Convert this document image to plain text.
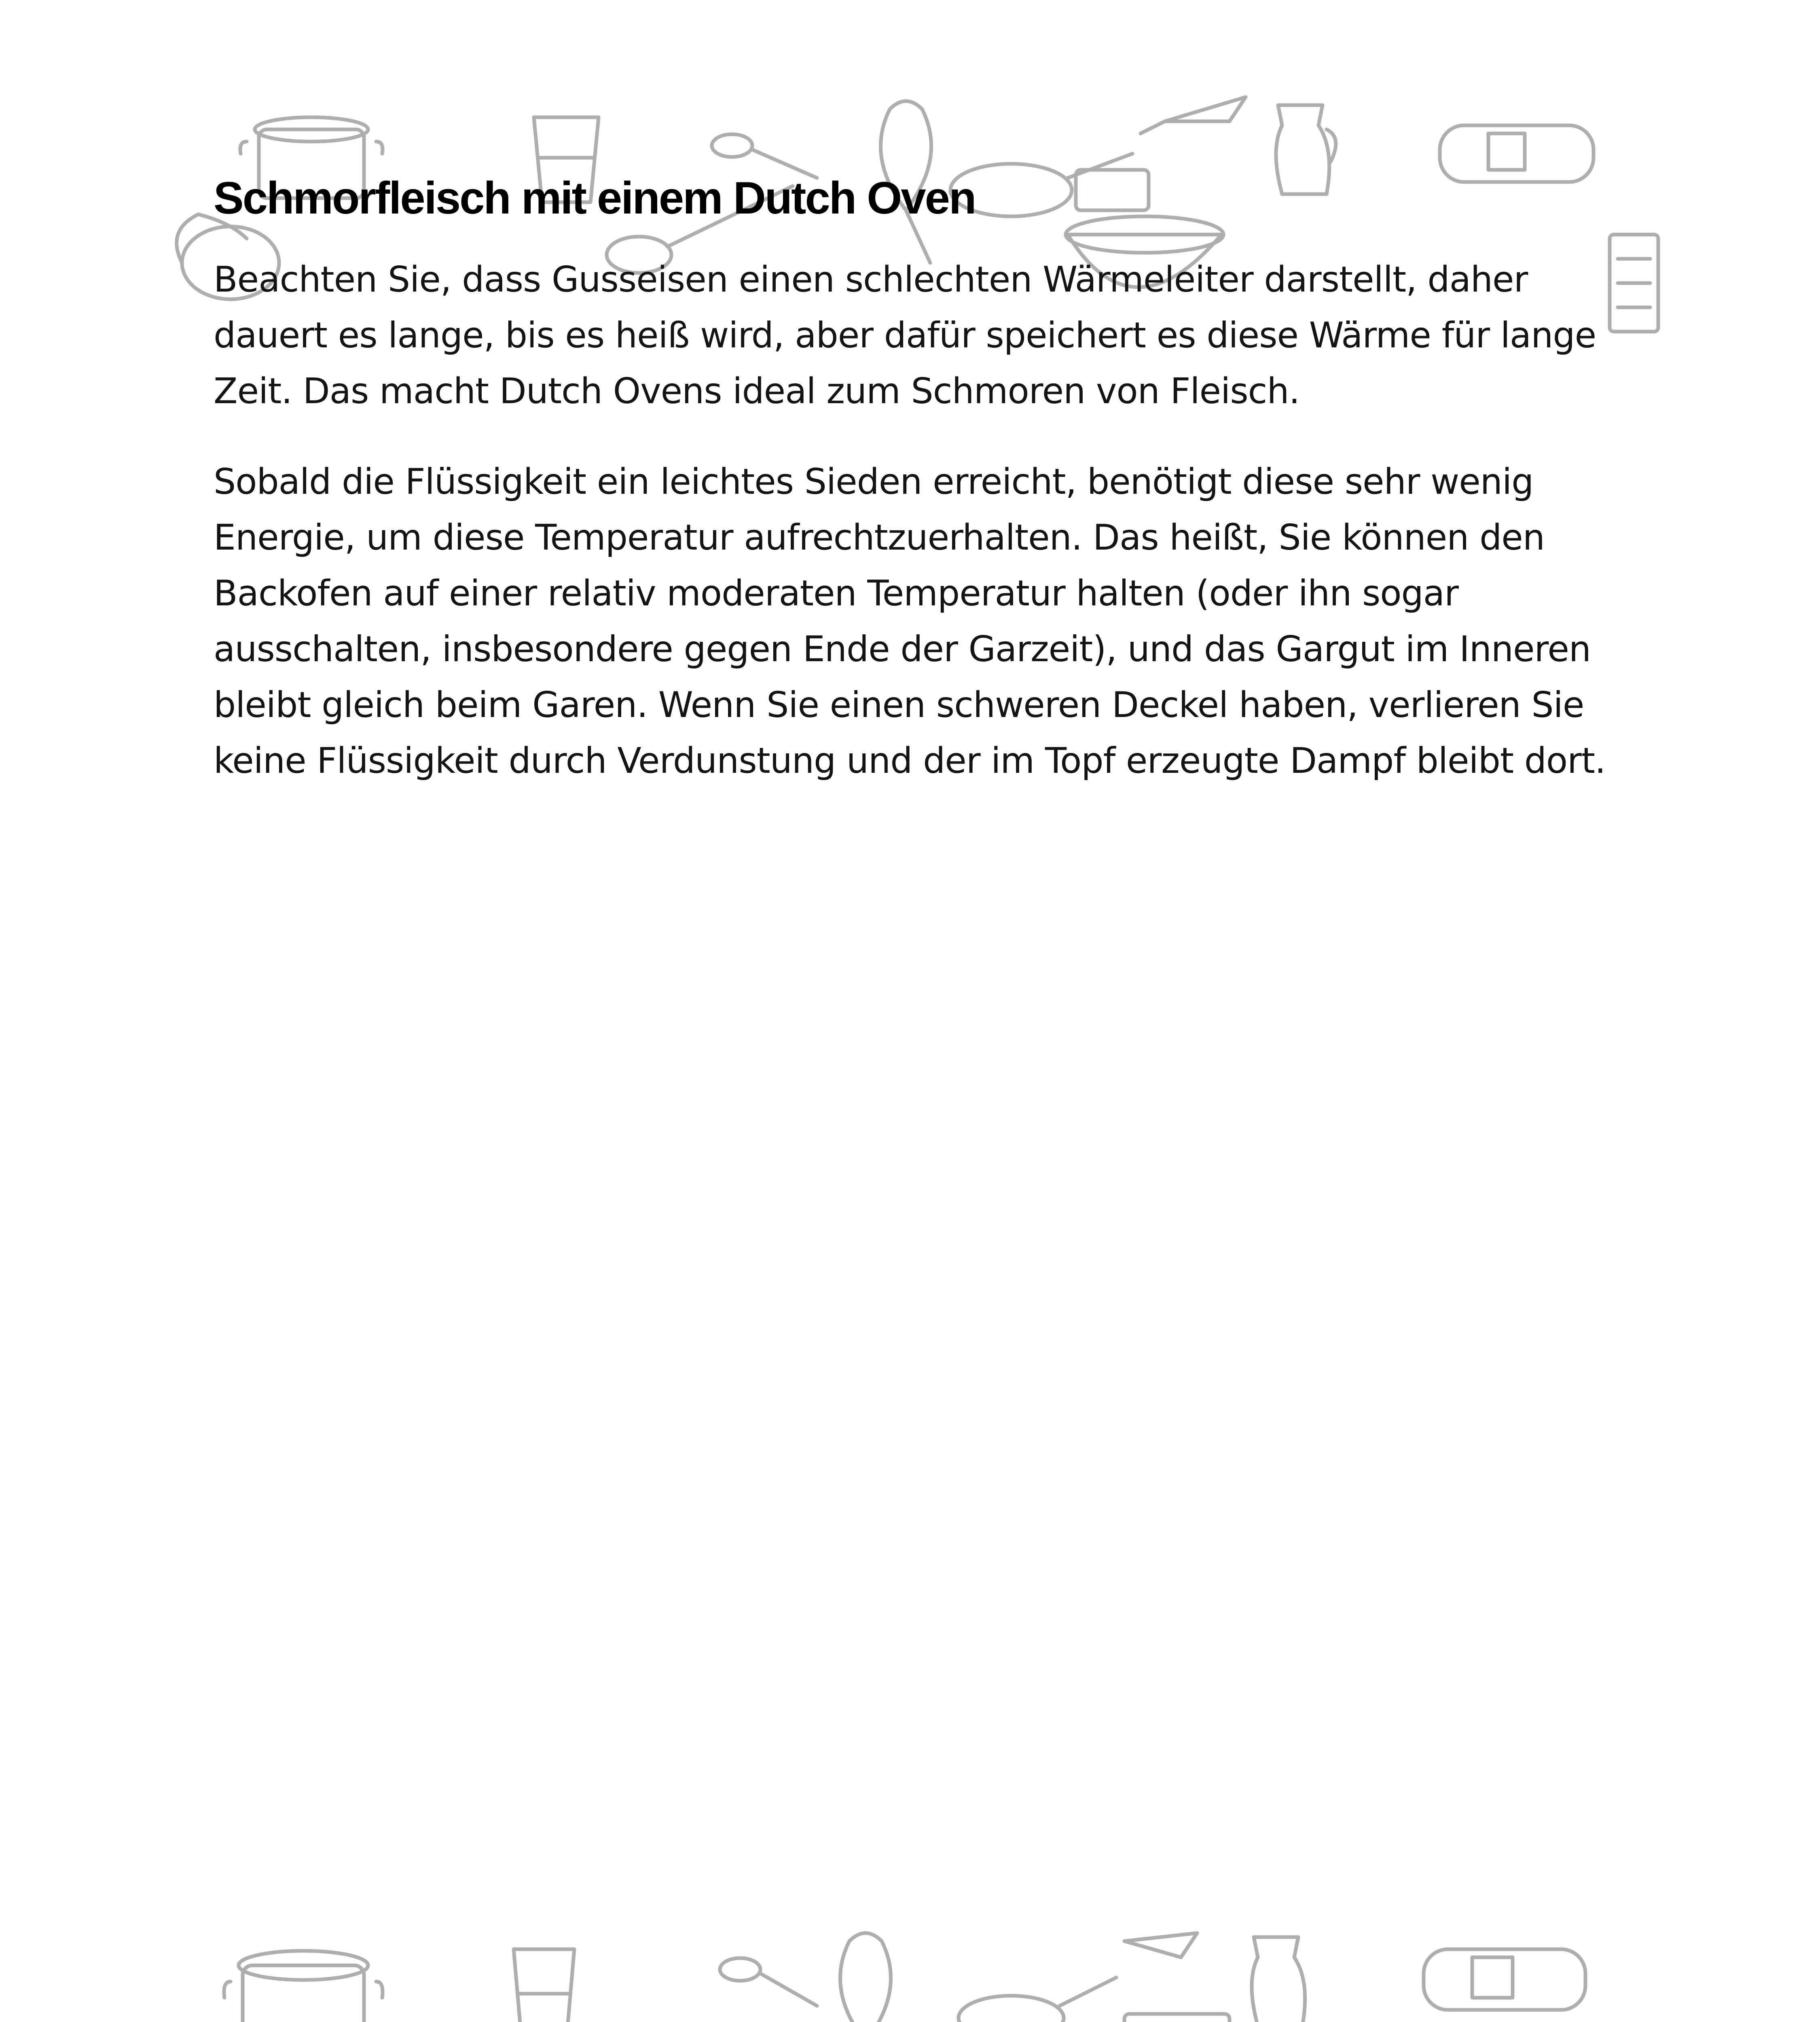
Schmorfleisch mit einem Dutch Oven

Beachten Sie, dass Gusseisen einen schlechten Wärmeleiter darstellt, daher dauert es lange, bis es heiß wird, aber dafür speichert es diese Wärme für lange Zeit. Das macht Dutch Ovens ideal zum Schmoren von Fleisch.

Sobald die Flüssigkeit ein leichtes Sieden erreicht, benötigt diese sehr wenig Energie, um diese Temperatur aufrechtzuerhalten. Das heißt, Sie können den Backofen auf einer relativ moderaten Temperatur halten (oder ihn sogar ausschalten, insbesondere gegen Ende der Garzeit), und das Gargut im Inneren bleibt gleich beim Garen. Wenn Sie einen schweren Deckel haben, verlieren Sie keine Flüssigkeit durch Verdunstung und der im Topf erzeugte Dampf bleibt dort.
